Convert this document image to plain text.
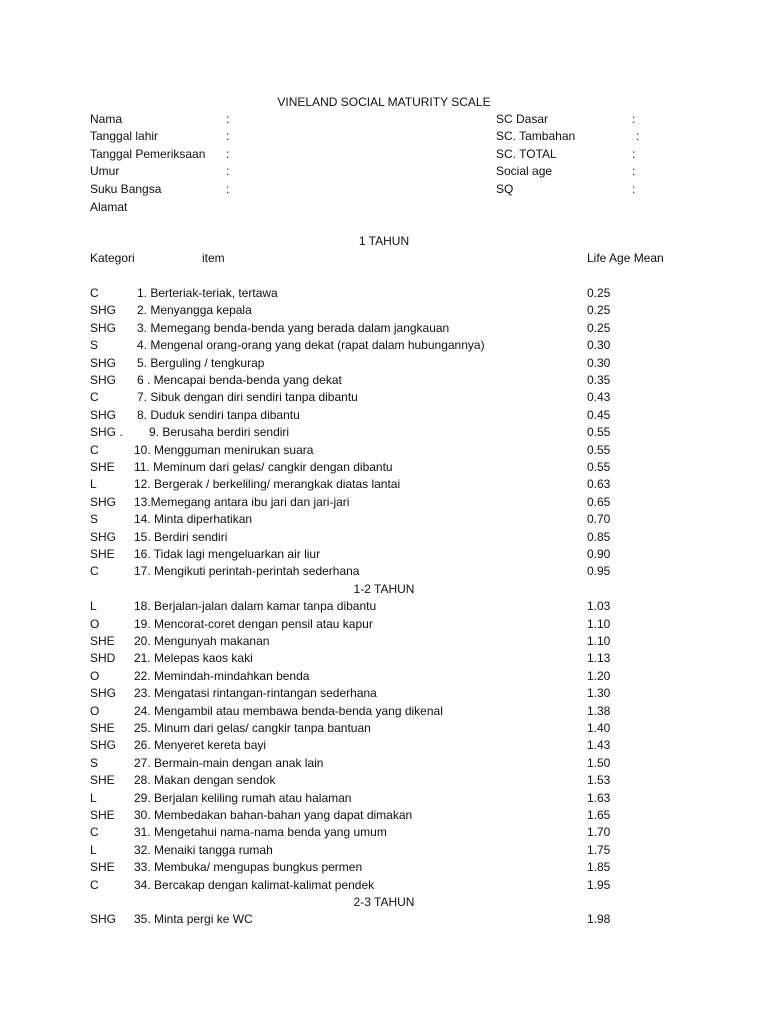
VINELAND SOCIAL MATURITY SCALE
Nama	:
Tanggal lahir	:
Tanggal Pemeriksaan :
Umur	:
Suku Bangsa	:
Alamat
SC Dasar	:
SC. Tambahan	:
SC. TOTAL	:
Social age	:
SQ	:
1 TAHUN
Kategori	item	Life Age Mean
C	1. Berteriak-teriak, tertawa	0.25
SHG 2. Menyangga kepala	0.25
SHG 3. Memegang benda-benda yang berada dalam jangkauan	0.25
S	4. Mengenal orang-orang yang dekat (rapat dalam hubungannya)	0.30
SHG 5. Berguling / tengkurap	0.30
SHG 6 . Mencapai benda-benda yang dekat	0.35
C	7. Sibuk dengan diri sendiri tanpa dibantu	0.43
SHG 8. Duduk sendiri tanpa dibantu	0.45
SHG . 9. Berusaha berdiri sendiri	0.55
C	10. Mengguman menirukan suara	0.55
SHE 11. Meminum dari gelas/ cangkir dengan dibantu	0.55
L	12. Bergerak / berkeliling/ merangkak diatas lantai	0.63
SHG 13.Memegang antara ibu jari dan jari-jari	0.65
S	14. Minta diperhatikan	0.70
SHG 15. Berdiri sendiri	0.85
SHE 16. Tidak lagi mengeluarkan air liur	0.90
C	17. Mengikuti perintah-perintah sederhana	0.95
1-2 TAHUN
L	18. Berjalan-jalan dalam kamar tanpa dibantu	1.03
O	19. Mencorat-coret dengan pensil atau kapur	1.10
SHE 20. Mengunyah makanan	1.10
SHD 21. Melepas kaos kaki	1.13
O	22. Memindah-mindahkan benda	1.20
SHG 23. Mengatasi rintangan-rintangan sederhana	1.30
O	24. Mengambil atau membawa benda-benda yang dikenal	1.38
SHE 25. Minum dari gelas/ cangkir tanpa bantuan	1.40
SHG 26. Menyeret kereta bayi	1.43
S	27. Bermain-main dengan anak lain	1.50
SHE 28. Makan dengan sendok	1.53
L	29. Berjalan keliling rumah atau halaman	1.63
SHE 30. Membedakan bahan-bahan yang dapat dimakan	1.65
C	31. Mengetahui nama-nama benda yang umum	1.70
L	32. Menaiki tangga rumah	1.75
SHE 33. Membuka/ mengupas bungkus permen	1.85
C	34. Bercakap dengan kalimat-kalimat pendek	1.95
2-3 TAHUN
SHG 35. Minta pergi ke WC	1.98
